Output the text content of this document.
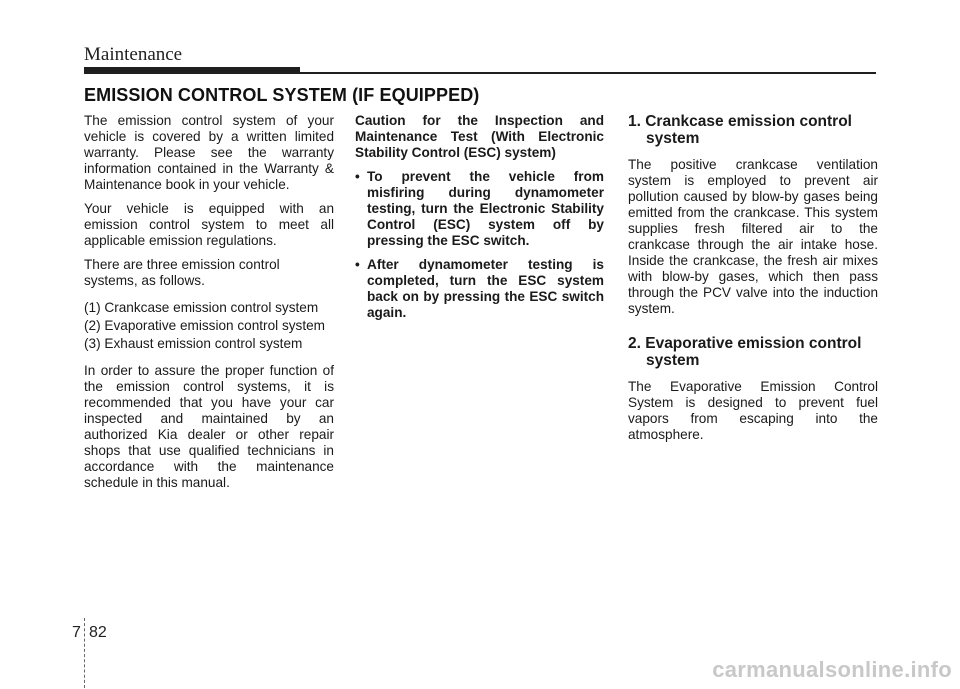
Maintenance
EMISSION CONTROL SYSTEM (IF EQUIPPED)

The emission control system of your vehicle is covered by a written limited warranty. Please see the warranty information contained in the Warranty & Maintenance book in your vehicle.

Your vehicle is equipped with an emission control system to meet all applicable emission regulations.

There are three emission control systems, as follows.

(1) Crankcase emission control system

(2) Evaporative emission control system

(3) Exhaust emission control system

In order to assure the proper function of the emission control systems, it is recommended that you have your car inspected and maintained by an authorized Kia dealer or other repair shops that use qualified technicians in accordance with the maintenance schedule in this manual.

Caution for the Inspection and Maintenance Test (With Electronic Stability Control (ESC) system)

• To prevent the vehicle from misfiring during dynamometer testing, turn the Electronic Stability Control (ESC) system off by pressing the ESC switch.

• After dynamometer testing is completed, turn the ESC system back on by pressing the ESC switch again.

1. Crankcase emission control system

The positive crankcase ventilation system is employed to prevent air pollution caused by blow-by gases being emitted from the crankcase. This system supplies fresh filtered air to the crankcase through the air intake hose. Inside the crankcase, the fresh air mixes with blow-by gases, which then pass through the PCV valve into the induction system.

2. Evaporative emission control system

The Evaporative Emission Control System is designed to prevent fuel vapors from escaping into the atmosphere.

7 82
carmanualsonline.info
